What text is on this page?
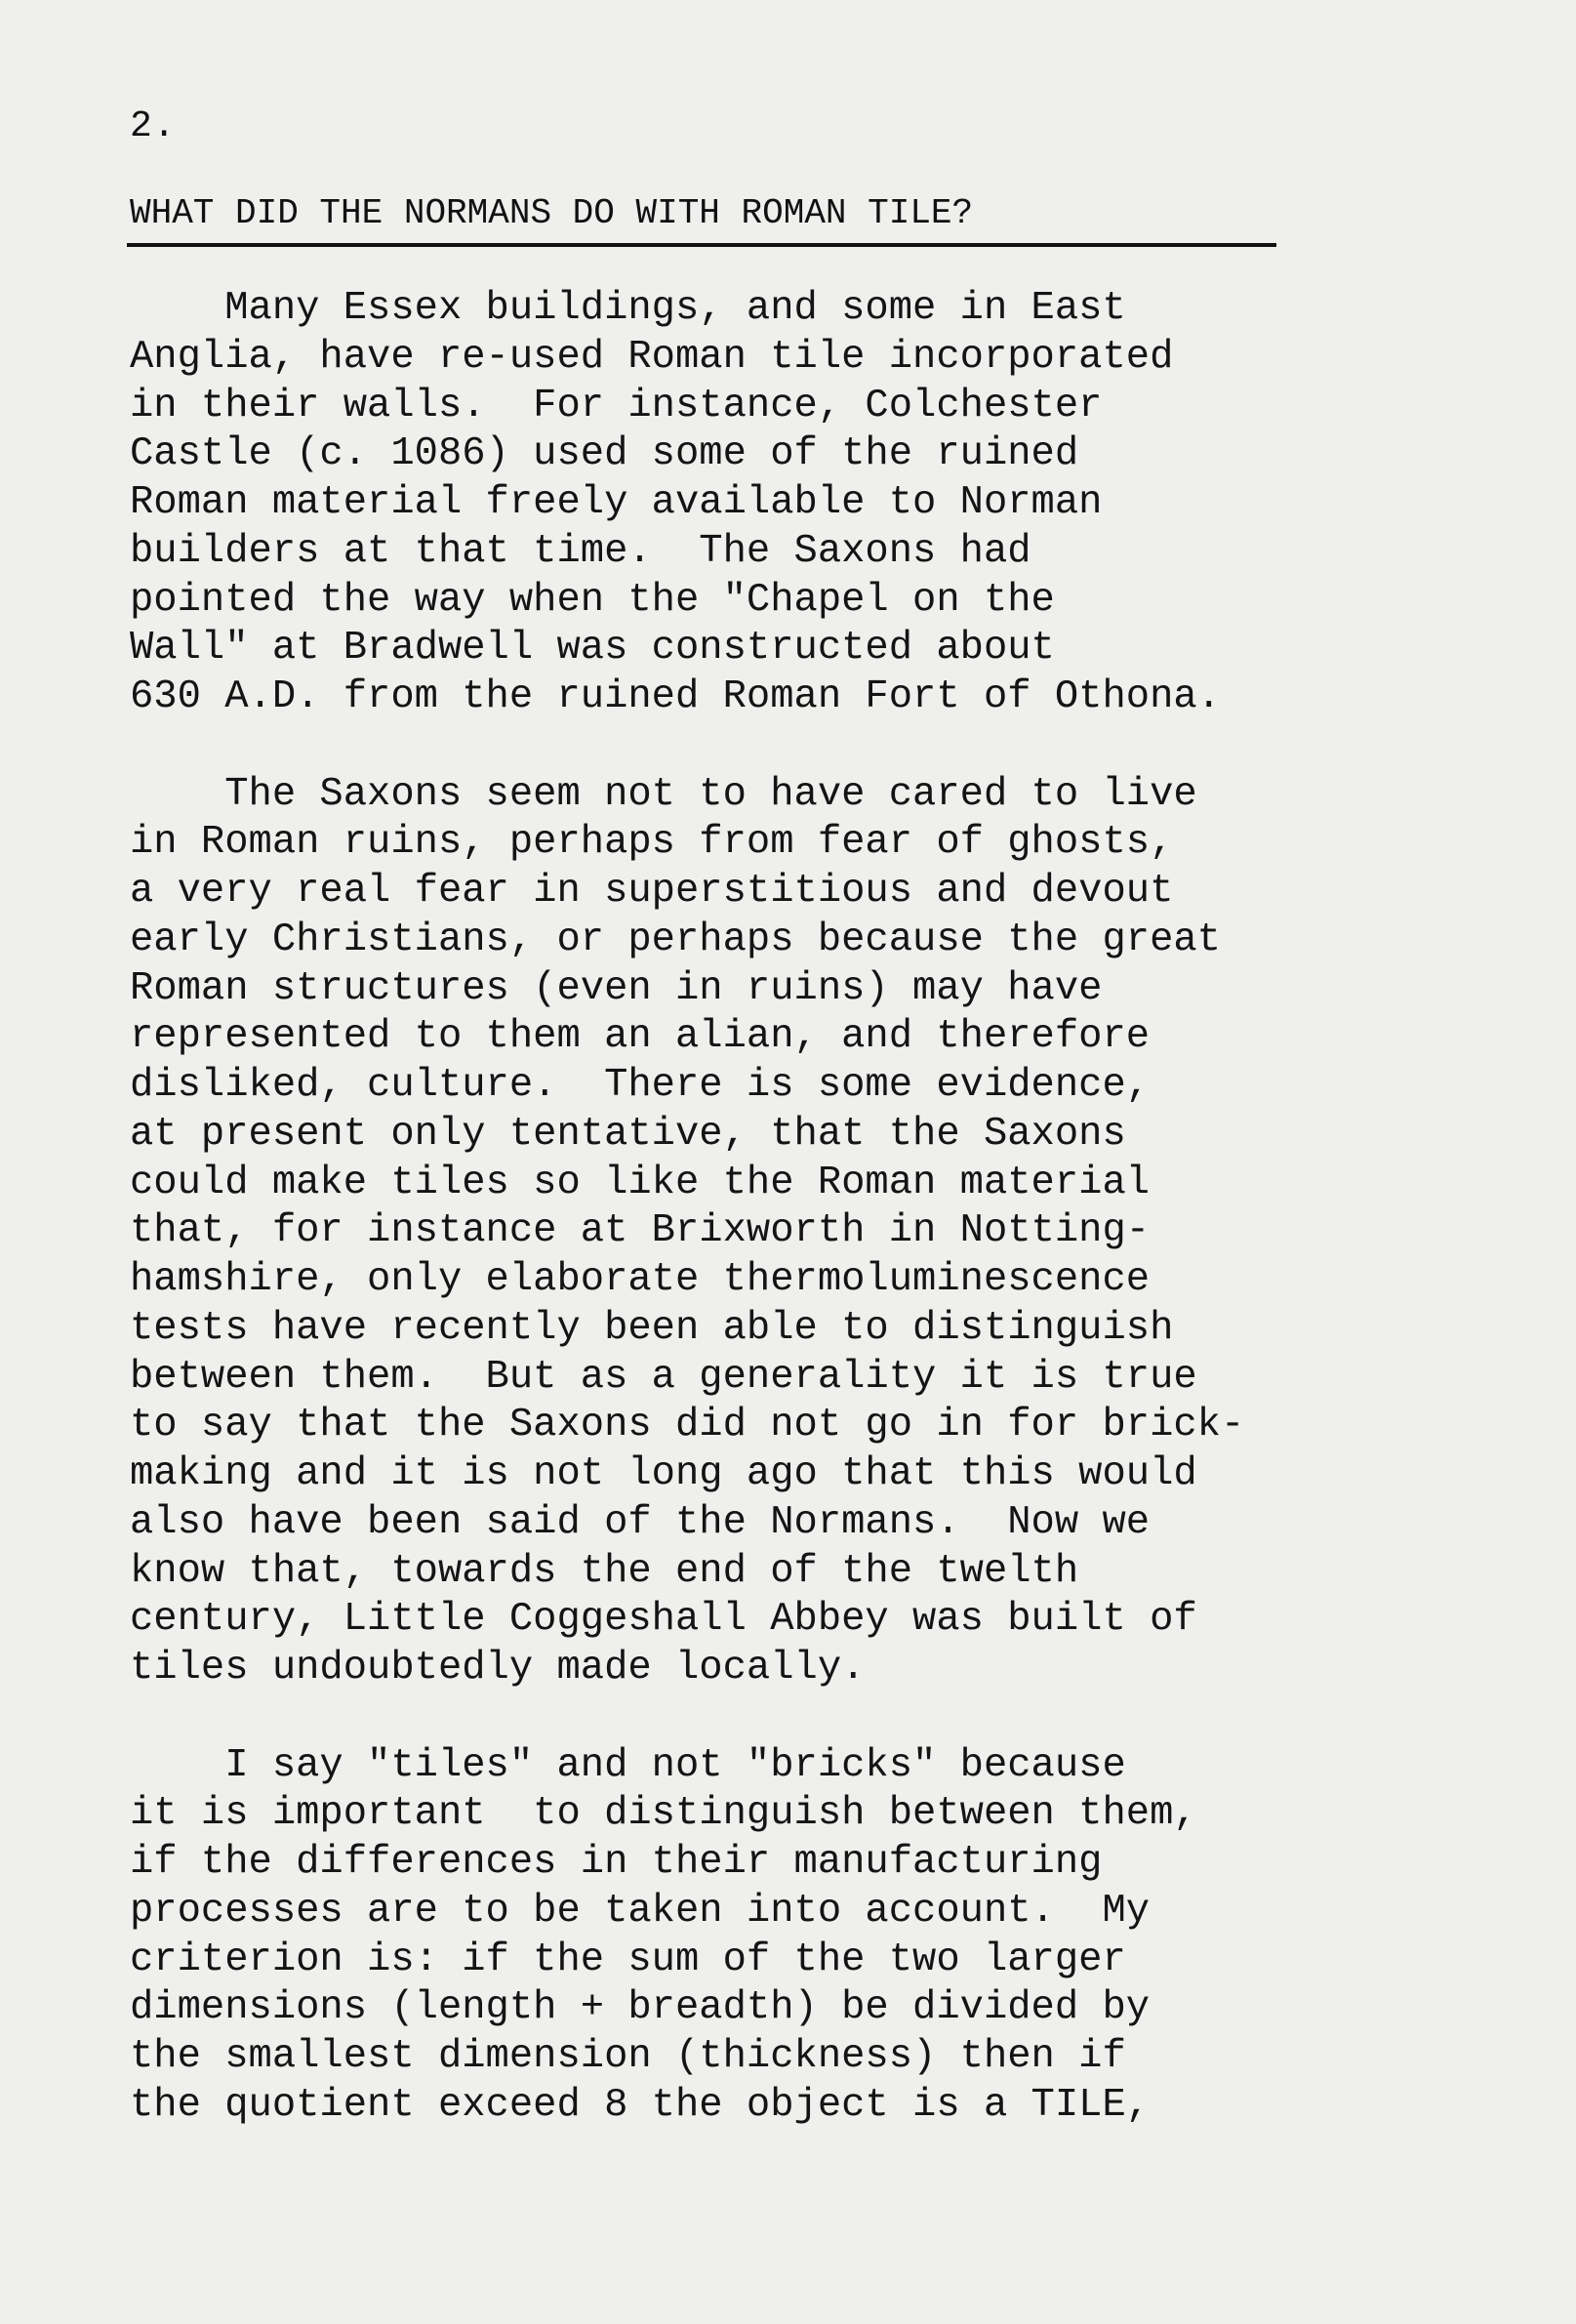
2.
WHAT DID THE NORMANS DO WITH ROMAN TILE?
Many Essex buildings, and some in East
Anglia, have re-used Roman tile incorporated
in their walls.  For instance, Colchester
Castle (c. 1086) used some of the ruined
Roman material freely available to Norman
builders at that time.  The Saxons had
pointed the way when the "Chapel on the
Wall" at Bradwell was constructed about
630 A.D. from the ruined Roman Fort of Othona.
The Saxons seem not to have cared to live
in Roman ruins, perhaps from fear of ghosts,
a very real fear in superstitious and devout
early Christians, or perhaps because the great
Roman structures (even in ruins) may have
represented to them an alian, and therefore
disliked, culture.  There is some evidence,
at present only tentative, that the Saxons
could make tiles so like the Roman material
that, for instance at Brixworth in Notting-
hamshire, only elaborate thermoluminescence
tests have recently been able to distinguish
between them.  But as a generality it is true
to say that the Saxons did not go in for brick-
making and it is not long ago that this would
also have been said of the Normans.  Now we
know that, towards the end of the twelth
century, Little Coggeshall Abbey was built of
tiles undoubtedly made locally.
I say "tiles" and not "bricks" because
it is important  to distinguish between them,
if the differences in their manufacturing
processes are to be taken into account.  My
criterion is: if the sum of the two larger
dimensions (length + breadth) be divided by
the smallest dimension (thickness) then if
the quotient exceed 8 the object is a TILE,
